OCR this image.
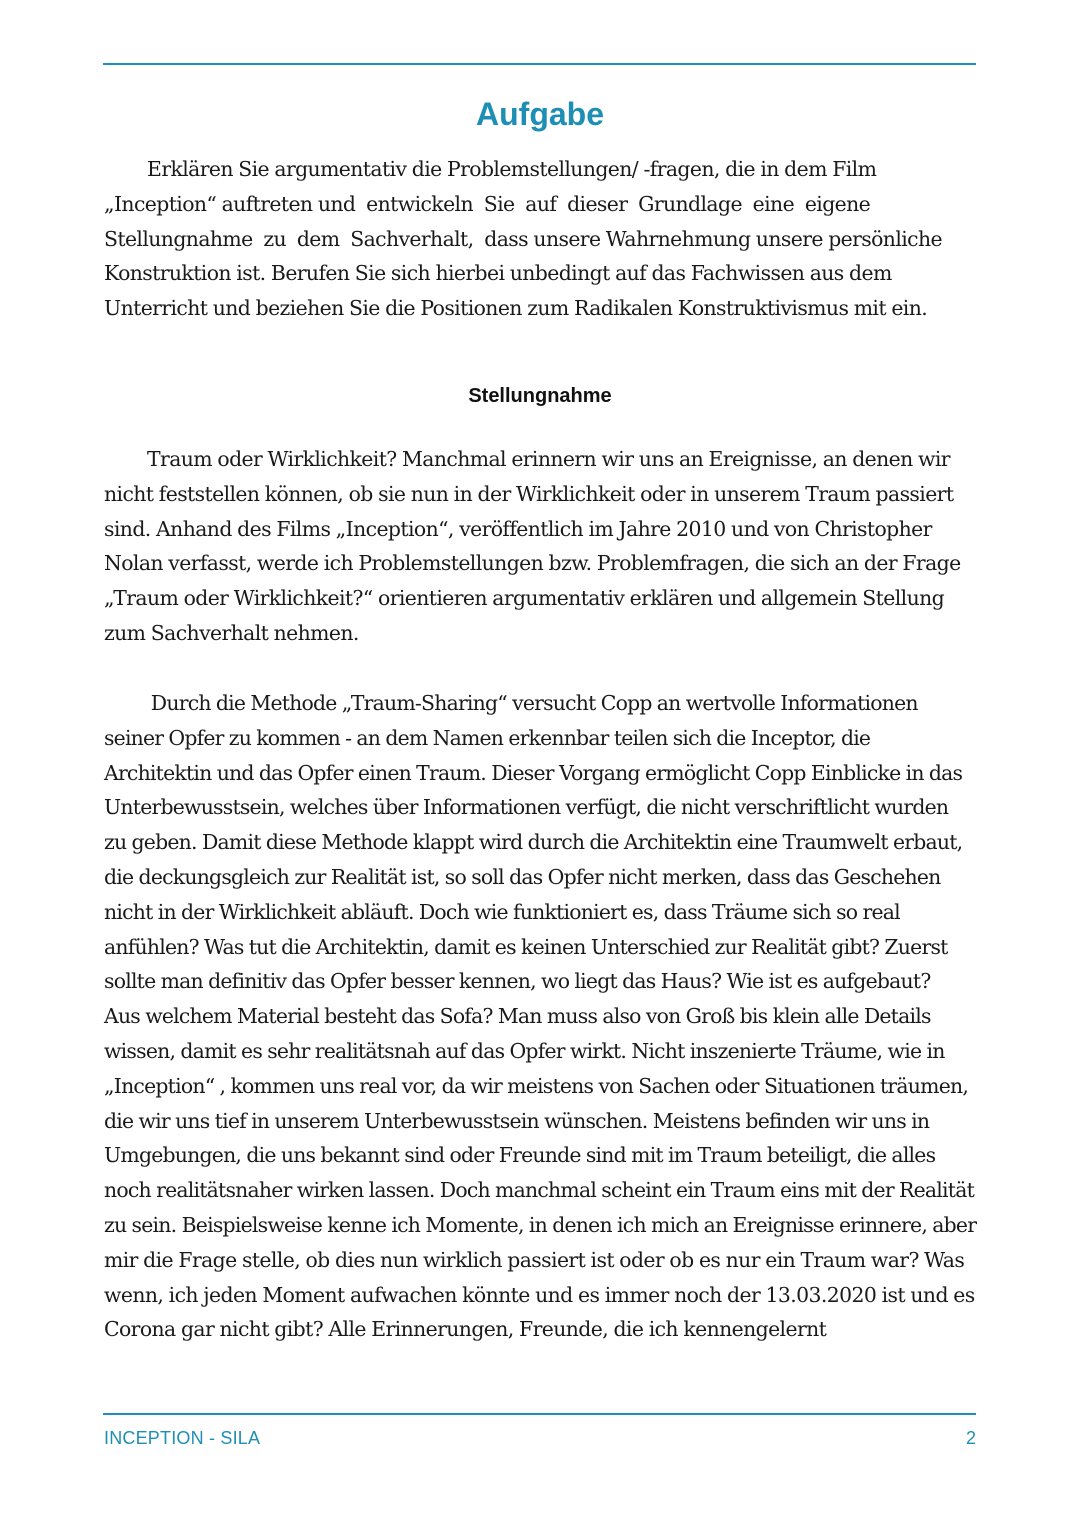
Aufgabe
Erklären Sie argumentativ die Problemstellungen/ -fragen, die in dem Film
„Inception“ auftreten und  entwickeln  Sie  auf  dieser  Grundlage  eine  eigene
Stellungnahme  zu  dem  Sachverhalt,  dass unsere Wahrnehmung unsere persönliche
Konstruktion ist. Berufen Sie sich hierbei unbedingt auf das Fachwissen aus dem
Unterricht und beziehen Sie die Positionen zum Radikalen Konstruktivismus mit ein.
Stellungnahme
Traum oder Wirklichkeit? Manchmal erinnern wir uns an Ereignisse, an denen wir
nicht feststellen können, ob sie nun in der Wirklichkeit oder in unserem Traum passiert
sind. Anhand des Films „Inception“, veröffentlich im Jahre 2010 und von Christopher
Nolan verfasst, werde ich Problemstellungen bzw. Problemfragen, die sich an der Frage
„Traum oder Wirklichkeit?“ orientieren argumentativ erklären und allgemein Stellung
zum Sachverhalt nehmen.
Durch die Methode „Traum-Sharing“ versucht Copp an wertvolle Informationen
seiner Opfer zu kommen - an dem Namen erkennbar teilen sich die Inceptor, die
Architektin und das Opfer einen Traum. Dieser Vorgang ermöglicht Copp Einblicke in das
Unterbewusstsein, welches über Informationen verfügt, die nicht verschriftlicht wurden
zu geben. Damit diese Methode klappt wird durch die Architektin eine Traumwelt erbaut,
die deckungsgleich zur Realität ist, so soll das Opfer nicht merken, dass das Geschehen
nicht in der Wirklichkeit abläuft. Doch wie funktioniert es, dass Träume sich so real
anfühlen? Was tut die Architektin, damit es keinen Unterschied zur Realität gibt? Zuerst
sollte man definitiv das Opfer besser kennen, wo liegt das Haus? Wie ist es aufgebaut?
Aus welchem Material besteht das Sofa? Man muss also von Groß bis klein alle Details
wissen, damit es sehr realitätsnah auf das Opfer wirkt. Nicht inszenierte Träume, wie in
„Inception“ , kommen uns real vor, da wir meistens von Sachen oder Situationen träumen,
die wir uns tief in unserem Unterbewusstsein wünschen. Meistens befinden wir uns in
Umgebungen, die uns bekannt sind oder Freunde sind mit im Traum beteiligt, die alles
noch realitätsnaher wirken lassen. Doch manchmal scheint ein Traum eins mit der Realität
zu sein. Beispielsweise kenne ich Momente, in denen ich mich an Ereignisse erinnere, aber
mir die Frage stelle, ob dies nun wirklich passiert ist oder ob es nur ein Traum war? Was
wenn, ich jeden Moment aufwachen könnte und es immer noch der 13.03.2020 ist und es
Corona gar nicht gibt? Alle Erinnerungen, Freunde, die ich kennengelernt
INCEPTION - SILA	2
